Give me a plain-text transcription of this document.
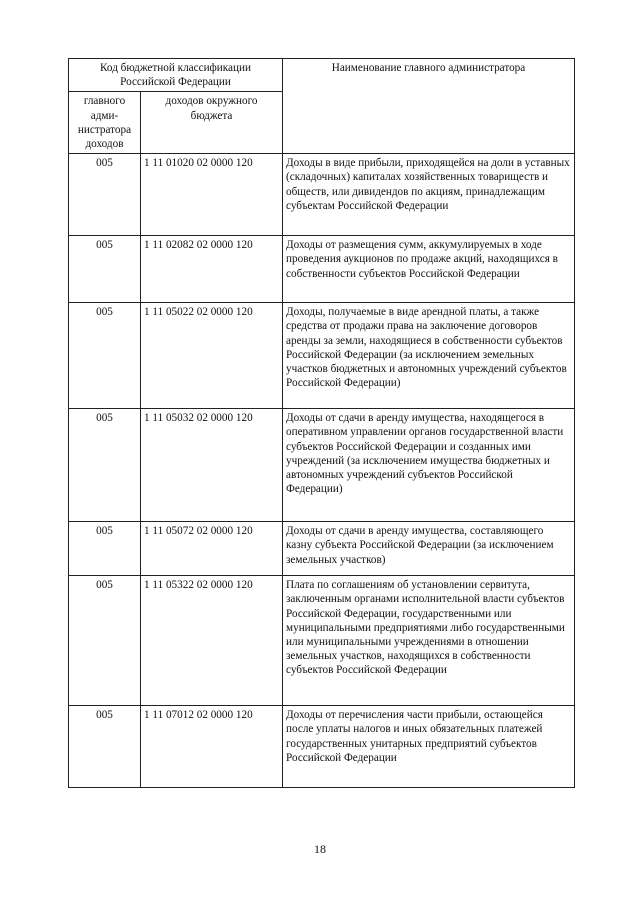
Код бюджетной классификации Российской Федерации		Наименование главного администратора
главного адми-нистратора доходов	доходов окружного бюджета	
005	1 11 01020 02 0000 120	Доходы в виде прибыли, приходящейся на доли в уставных (складочных) капиталах хозяйственных товариществ и обществ, или дивидендов по акциям, принадлежащим субъектам Российской Федерации
005	1 11 02082 02 0000 120	Доходы от размещения сумм, аккумулируемых в ходе проведения аукционов по продаже акций, находящихся в собственности субъектов Российской Федерации
005	1 11 05022 02 0000 120	Доходы, получаемые в виде арендной платы, а также средства от продажи права на заключение договоров аренды за земли, находящиеся в собственности субъектов Российской Федерации (за исключением земельных участков бюджетных и автономных учреждений субъектов Российской Федерации)
005	1 11 05032 02 0000 120	Доходы от сдачи в аренду имущества, находящегося в оперативном управлении органов государственной власти субъектов Российской Федерации и созданных ими учреждений (за исключением имущества бюджетных и автономных учреждений субъектов Российской Федерации)
005	1 11 05072 02 0000 120	Доходы от сдачи в аренду имущества, составляющего казну субъекта Российской Федерации (за исключением земельных участков)
005	1 11 05322 02 0000 120	Плата по соглашениям об установлении сервитута, заключенным органами исполнительной власти субъектов Российской Федерации, государственными или муниципальными предприятиями либо государственными или муниципальными учреждениями в отношении земельных участков, находящихся в собственности субъектов Российской Федерации
005	1 11 07012 02 0000 120	Доходы от перечисления части прибыли, остающейся после уплаты налогов и иных обязательных платежей государственных унитарных предприятий субъектов Российской Федерации
18
